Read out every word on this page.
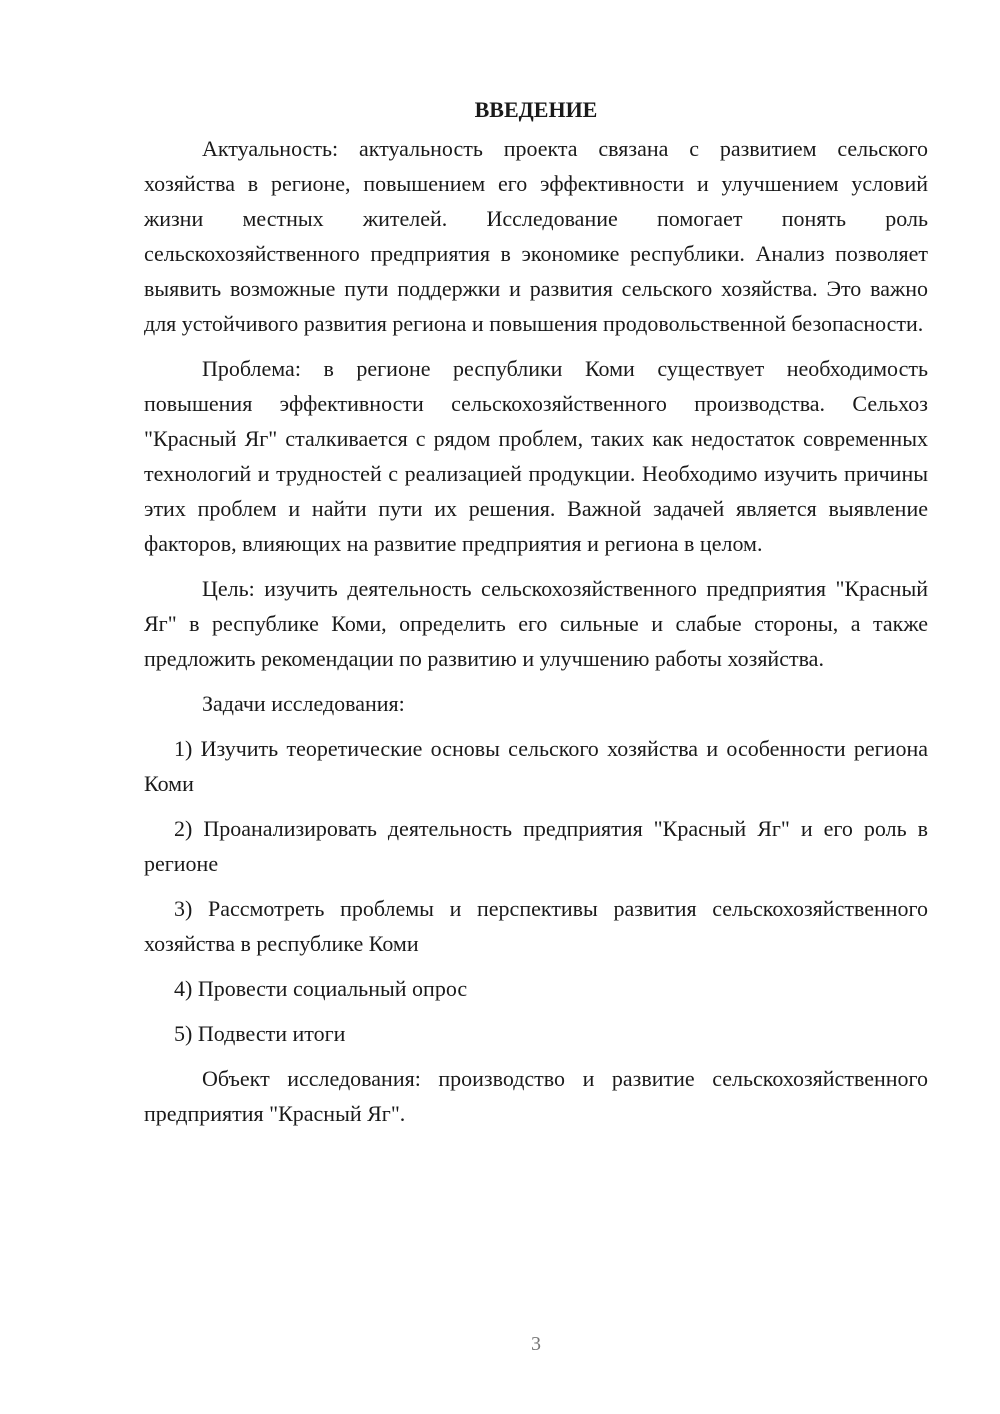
ВВЕДЕНИЕ

Актуальность: актуальность проекта связана с развитием сельского хозяйства в регионе, повышением его эффективности и улучшением условий жизни местных жителей. Исследование помогает понять роль сельскохозяйственного предприятия в экономике республики. Анализ позволяет выявить возможные пути поддержки и развития сельского хозяйства. Это важно для устойчивого развития региона и повышения продовольственной безопасности.

Проблема: в регионе республики Коми существует необходимость повышения эффективности сельскохозяйственного производства. Сельхоз "Красный Яг" сталкивается с рядом проблем, таких как недостаток современных технологий и трудностей с реализацией продукции. Необходимо изучить причины этих проблем и найти пути их решения. Важной задачей является выявление факторов, влияющих на развитие предприятия и региона в целом.

Цель: изучить деятельность сельскохозяйственного предприятия "Красный Яг" в республике Коми, определить его сильные и слабые стороны, а также предложить рекомендации по развитию и улучшению работы хозяйства.

Задачи исследования:

1) Изучить теоретические основы сельского хозяйства и особенности региона Коми

2) Проанализировать деятельность предприятия "Красный Яг" и его роль в регионе

3) Рассмотреть проблемы и перспективы развития сельскохозяйственного хозяйства в республике Коми

4) Провести социальный опрос

5) Подвести итоги

Объект исследования: производство и развитие сельскохозяйственного предприятия "Красный Яг".

3
